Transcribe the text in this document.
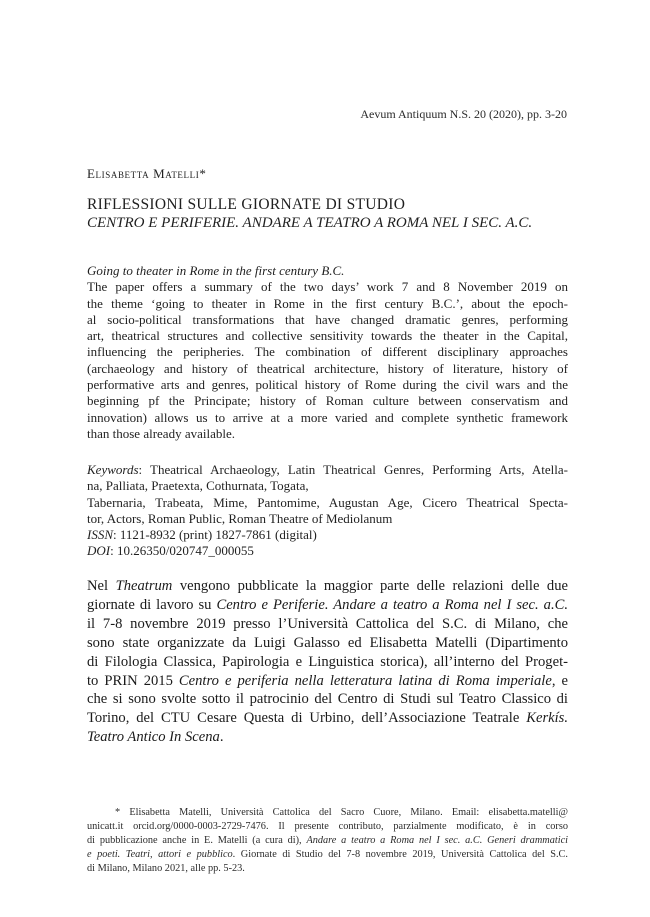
Aevum Antiquum N.S. 20 (2020), pp. 3-20
Elisabetta Matelli*
RIFLESSIONI SULLE GIORNATE DI STUDIO
CENTRO E PERIFERIE. ANDARE A TEATRO A ROMA NEL I SEC. A.C.
Going to theater in Rome in the first century B.C.
The paper offers a summary of the two days’ work 7 and 8 November 2019 on
the theme ‘going to theater in Rome in the first century B.C.’, about the epoch-
al socio-political transformations that have changed dramatic genres, performing
art, theatrical structures and collective sensitivity towards the theater in the Capital,
influencing the peripheries. The combination of different disciplinary approaches
(archaeology and history of theatrical architecture, history of literature, history of
performative arts and genres, political history of Rome during the civil wars and the
beginning pf the Principate; history of Roman culture between conservatism and
innovation) allows us to arrive at a more varied and complete synthetic framework
than those already available.
Keywords: Theatrical Archaeology, Latin Theatrical Genres, Performing Arts, Atella-
na, Palliata, Praetexta, Cothurnata, Togata,
Tabernaria, Trabeata, Mime, Pantomime, Augustan Age, Cicero Theatrical Specta-
tor, Actors, Roman Public, Roman Theatre of Mediolanum
ISSN: 1121-8932 (print) 1827-7861 (digital)
DOI: 10.26350/020747_000055
Nel Theatrum vengono pubblicate la maggior parte delle relazioni delle due
giornate di lavoro su Centro e Periferie. Andare a teatro a Roma nel I sec. a.C.
il 7-8 novembre 2019 presso l’Università Cattolica del S.C. di Milano, che
sono state organizzate da Luigi Galasso ed Elisabetta Matelli (Dipartimento
di Filologia Classica, Papirologia e Linguistica storica), all’interno del Proget-
to PRIN 2015 Centro e periferia nella letteratura latina di Roma imperiale, e
che si sono svolte sotto il patrocinio del Centro di Studi sul Teatro Classico di
Torino, del CTU Cesare Questa di Urbino, dell’Associazione Teatrale Kerkís.
Teatro Antico In Scena.
* Elisabetta Matelli, Università Cattolica del Sacro Cuore, Milano. Email: elisabetta.matelli@
unicatt.it orcid.org/0000-0003-2729-7476. Il presente contributo, parzialmente modificato, è in corso
di pubblicazione anche in E. Matelli (a cura di), Andare a teatro a Roma nel I sec. a.C. Generi drammatici
e poeti. Teatri, attori e pubblico. Giornate di Studio del 7-8 novembre 2019, Università Cattolica del S.C.
di Milano, Milano 2021, alle pp. 5-23.
